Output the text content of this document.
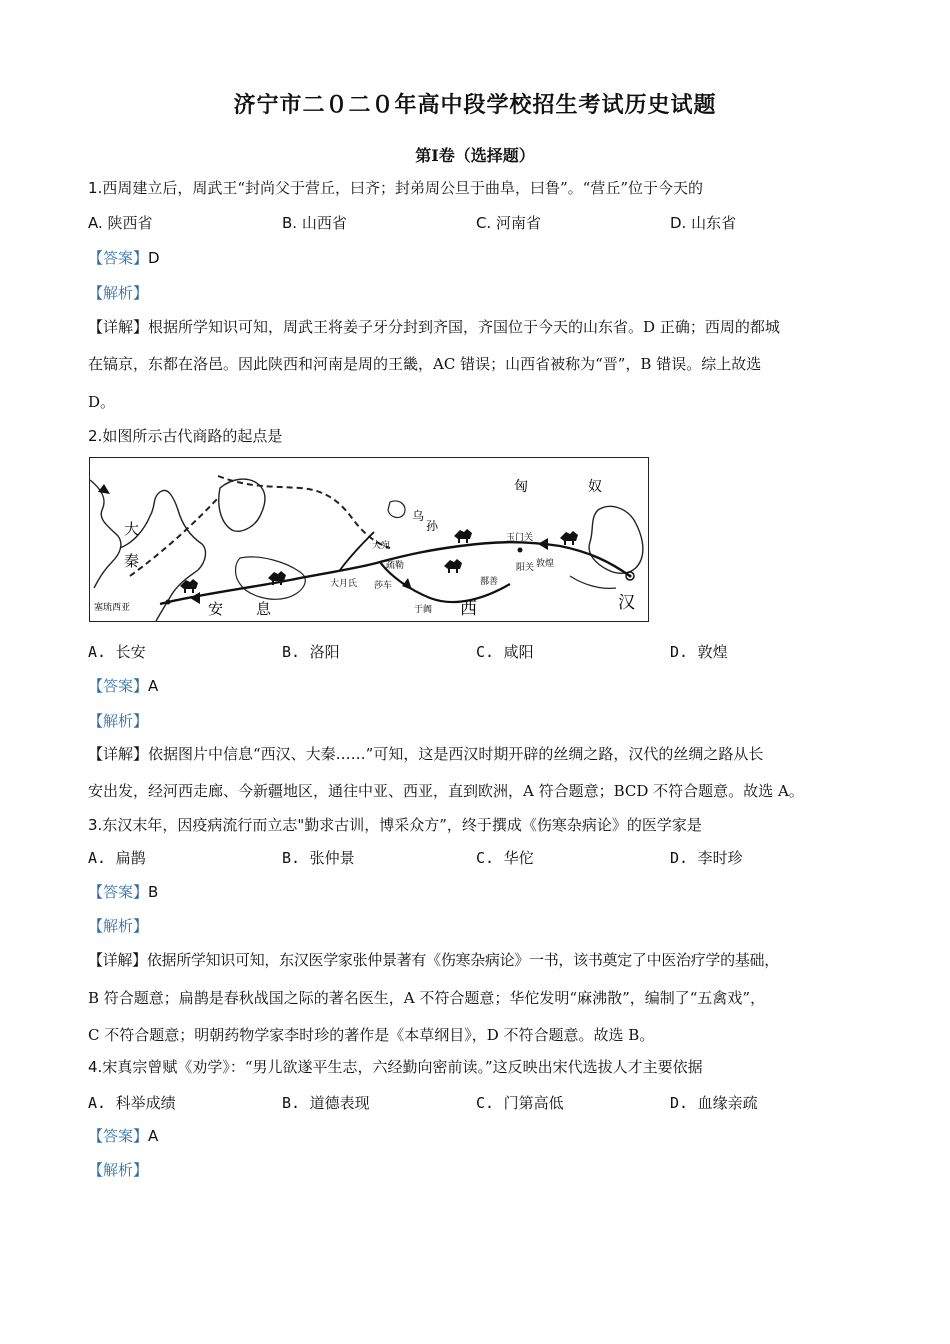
济宁市二０二０年高中段学校招生考试历史试题
第Ⅰ卷（选择题）
1.西周建立后，周武王“封尚父于营丘，曰齐；封弟周公旦于曲阜，曰鲁”。“营丘”位于今天的
A. 陕西省	B. 山西省	C. 河南省	D. 山东省
【答案】D
【解析】
【详解】根据所学知识可知，周武王将姜子牙分封到齐国，齐国位于今天的山东省。D 正确；西周的都城
在镐京，东都在洛邑。因此陕西和河南是周的王畿，AC 错误；山西省被称为“晋”，B 错误。综上故选
D。
2.如图所示古代商路的起点是
匈	奴
大
秦
乌
孙
大宛
疏勒
大月氏 莎车
于阗
鄯善
玉门关
阳关 敦煌
安 息	西	汉
塞琉西亚
A. 长安	B. 洛阳	C. 咸阳	D. 敦煌
【答案】A
【解析】
【详解】依据图片中信息“西汉、大秦……”可知，这是西汉时期开辟的丝绸之路，汉代的丝绸之路从长
安出发，经河西走廊、今新疆地区，通往中亚、西亚，直到欧洲，A 符合题意；BCD 不符合题意。故选 A。
3.东汉末年，因疫病流行而立志"勤求古训，博采众方”，终于撰成《伤寒杂病论》的医学家是
A. 扁鹊	B. 张仲景	C. 华佗	D. 李时珍
【答案】B
【解析】
【详解】依据所学知识可知，东汉医学家张仲景著有《伤寒杂病论》一书，该书奠定了中医治疗学的基础，
B 符合题意；扁鹊是春秋战国之际的著名医生，A 不符合题意；华佗发明“麻沸散”，编制了“五禽戏”，
C 不符合题意；明朝药物学家李时珍的著作是《本草纲目》，D 不符合题意。故选 B。
4.宋真宗曾赋《劝学》：“男儿欲遂平生志，六经勤向密前读。”这反映出宋代选拔人才主要依据
A. 科举成绩	B. 道德表现	C. 门第高低	D. 血缘亲疏
【答案】A
【解析】
